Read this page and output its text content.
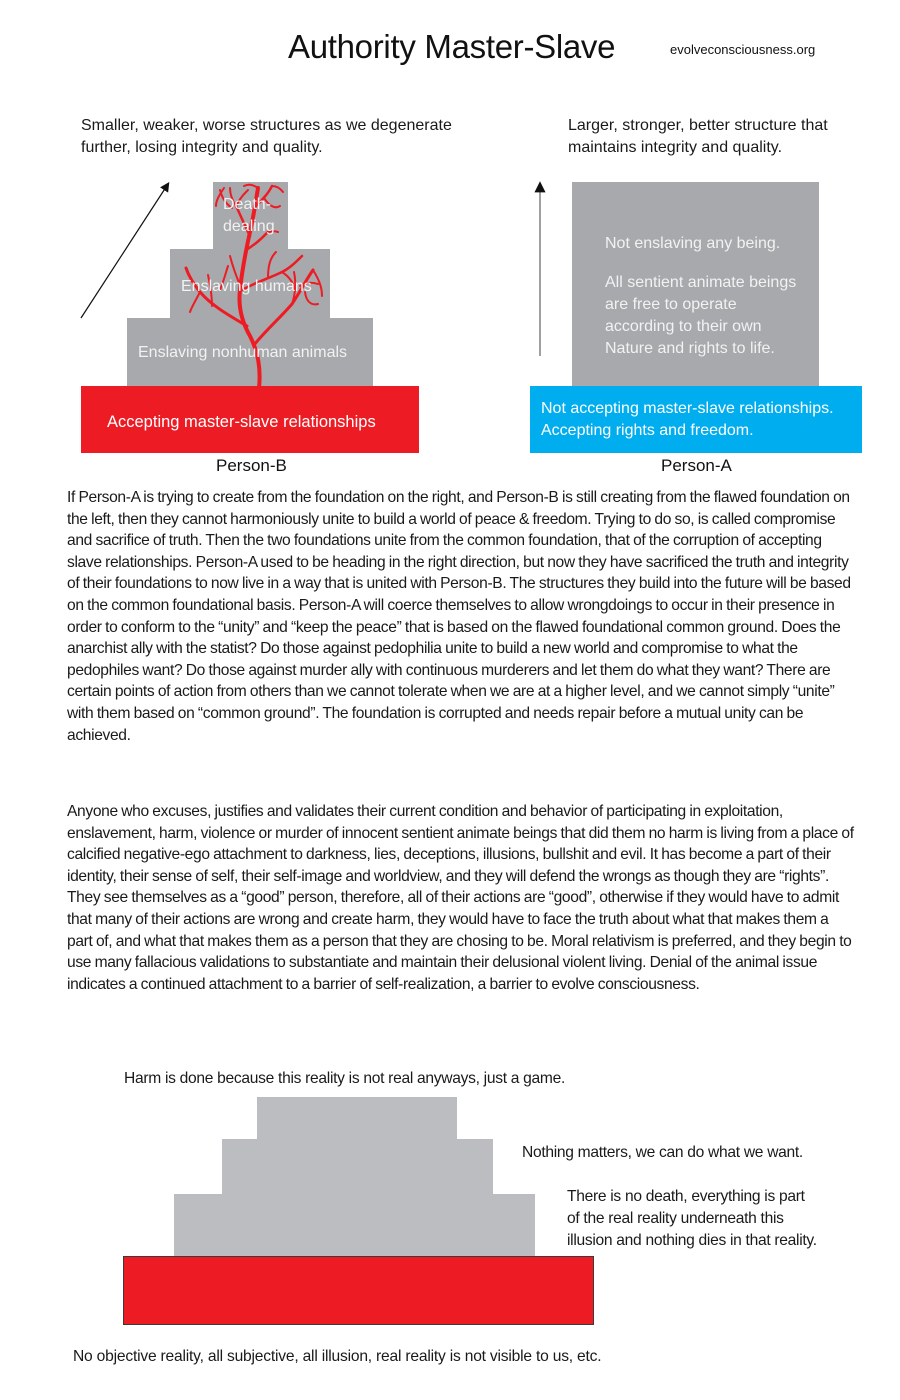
Authority Master-Slave	evolveconsciousness.org
Smaller, weaker, worse structures as we degenerate
further, losing integrity and quality.
Death-
dealing
Enslaving humans
Enslaving nonhuman animals
Accepting master-slave relationships
Person-B
Larger, stronger, better structure that
maintains integrity and quality.
Not enslaving any being.
All sentient animate beings
are free to operate
according to their own
Nature and rights to life.
Not accepting master-slave relationships.
Accepting rights and freedom.
Person-A

If Person-A is trying to create from the foundation on the right, and Person-B is still creating from the flawed foundation on the left, then they cannot harmoniously unite to build a world of peace & freedom. Trying to do so, is called compromise and sacrifice of truth. Then the two foundations unite from the common foundation, that of the corruption of accepting slave relationships. Person-A used to be heading in the right direction, but now they have sacrificed the truth and integrity of their foundations to now live in a way that is united with Person-B. The structures they build into the future will be based on the common foundational basis. Person-A will coerce themselves to allow wrongdoings to occur in their presence in order to conform to the “unity” and “keep the peace” that is based on the flawed foundational common ground. Does the anarchist ally with the statist? Do those against pedophilia unite to build a new world and compromise to what the pedophiles want? Do those against murder ally with continuous murderers and let them do what they want? There are certain points of action from others than we cannot tolerate when we are at a higher level, and we cannot simply “unite” with them based on “common ground”. The foundation is corrupted and needs repair before a mutual unity can be achieved.

Anyone who excuses, justifies and validates their current condition and behavior of participating in exploitation, enslavement, harm, violence or murder of innocent sentient animate beings that did them no harm is living from a place of calcified negative-ego attachment to darkness, lies, deceptions, illusions, bullshit and evil. It has become a part of their identity, their sense of self, their self-image and worldview, and they will defend the wrongs as though they are “rights”. They see themselves as a “good” person, therefore, all of their actions are “good”, otherwise if they would have to admit that many of their actions are wrong and create harm, they would have to face the truth about what that makes them a part of, and what that makes them as a person that they are chosing to be. Moral relativism is preferred, and they begin to use many fallacious validations to substantiate and maintain their delusional violent living. Denial of the animal issue indicates a continued attachment to a barrier of self-realization, a barrier to evolve consciousness.

Harm is done because this reality is not real anyways, just a game.
Nothing matters, we can do what we want.
There is no death, everything is part
of the real reality underneath this
illusion and nothing dies in that reality.
No objective reality, all subjective, all illusion, real reality is not visible to us, etc.
